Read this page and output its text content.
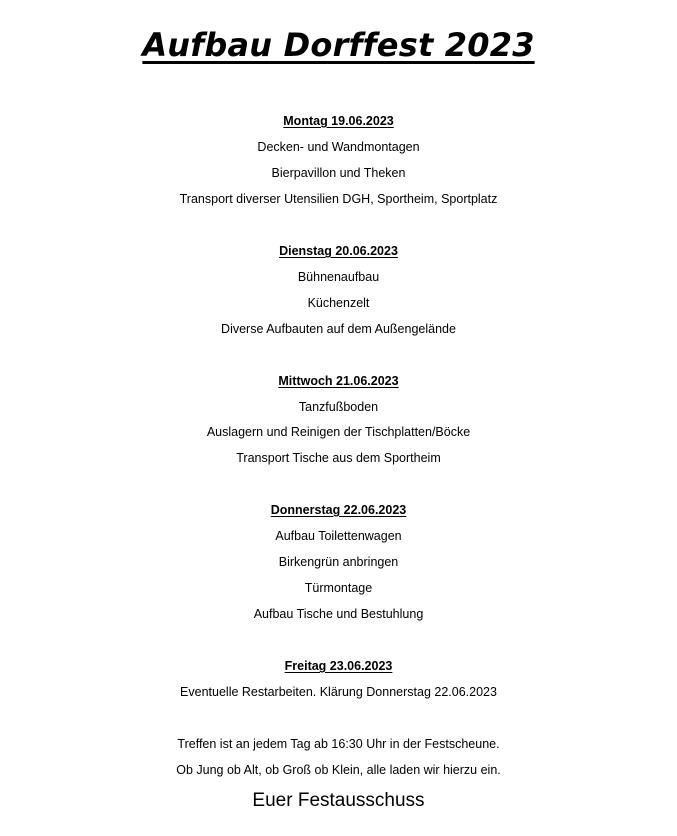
Aufbau Dorffest 2023
Montag 19.06.2023
Decken- und Wandmontagen
Bierpavillon und Theken
Transport diverser Utensilien DGH, Sportheim, Sportplatz
Dienstag 20.06.2023
Bühnenaufbau
Küchenzelt
Diverse Aufbauten auf dem Außengelände
Mittwoch 21.06.2023
Tanzfußboden
Auslagern und Reinigen der Tischplatten/Böcke
Transport Tische aus dem Sportheim
Donnerstag 22.06.2023
Aufbau Toilettenwagen
Birkengrün anbringen
Türmontage
Aufbau Tische und Bestuhlung
Freitag 23.06.2023
Eventuelle Restarbeiten. Klärung Donnerstag 22.06.2023
Treffen ist an jedem Tag ab 16:30 Uhr in der Festscheune.
Ob Jung ob Alt, ob Groß ob Klein, alle laden wir hierzu ein.
Euer Festausschuss
